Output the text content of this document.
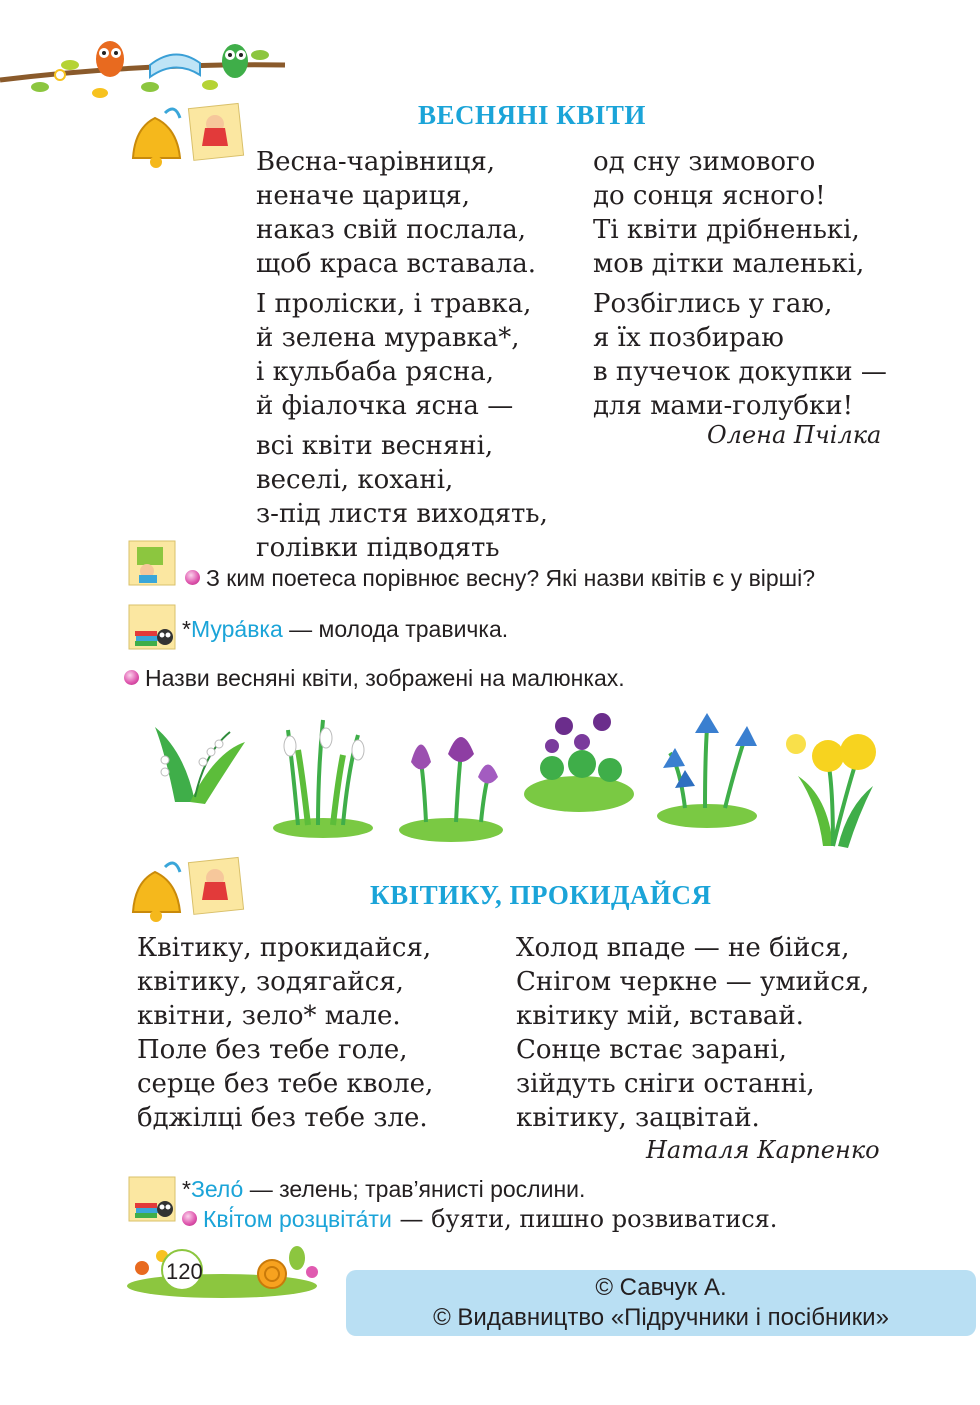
ВЕСНЯНІ КВІТИ
Весна-чарівниця,
неначе цариця,
наказ свій послала,
щоб краса вставала.
І проліски, і травка,
й зелена муравка*,
і кульбаба рясна,
й фіалочка ясна —
всі квіти весняні,
веселі, кохані,
з-під листя виходять,
голівки підводять
од сну зимового
до сонця ясного!
Ті квіти дрібненькі,
мов дітки маленькі,
Розбіглись у гаю,
я їх позбираю
в пучечок докупки —
для мами-голубки!
Олена Пчілка
З ким поетеса порівнює весну? Які назви квітів є у вірші?
*Мура́вка — молода травичка.
Назви весняні квіти, зображені на малюнках.
КВІТИКУ, ПРОКИДАЙСЯ
Квітику, прокидайся,
квітику, зодягайся,
квітни, зело* мале.
Поле без тебе голе,
серце без тебе кволе,
бджілці без тебе зле.
Холод впаде — не бійся,
Снігом черкне — умийся,
квітику мій, вставай.
Сонце встає зарані,
зійдуть сніги останні,
квітику, зацвітай.
Наталя Карпенко
*Зело́ — зелень; трав’янисті рослини.
Кві́том розцвіта́ти — буяти, пишно розвиватися.
120
© Савчук А.
© Видавництво «Підручники і посібники»
